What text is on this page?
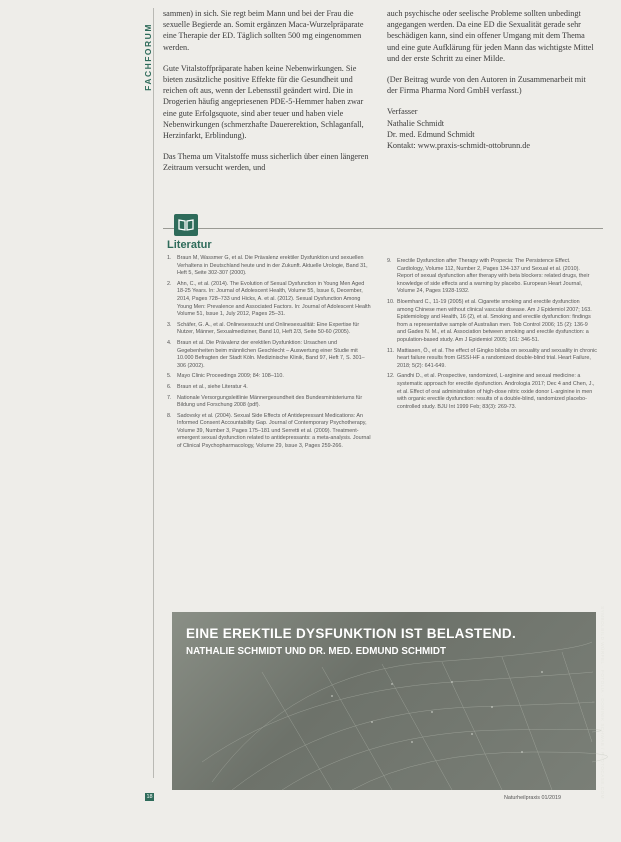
FACHFORUM

sammen) in sich. Sie regt beim Mann und bei der Frau die sexuelle Begierde an. Somit ergänzen Maca-Wurzelpräparate eine Therapie der ED. Täglich sollten 500 mg eingenommen werden.

Gute Vitalstoffpräparate haben keine Nebenwirkungen. Sie bieten zusätzliche positive Effekte für die Gesundheit und reichen oft aus, wenn der Lebensstil geändert wird. Die in Drogerien häufig angepriesenen PDE-5-Hemmer haben zwar eine gute Erfolgsquote, sind aber teuer und haben viele Nebenwirkungen (schmerzhafte Dauererektion, Schlaganfall, Herzinfarkt, Erblindung).

Das Thema um Vitalstoffe muss sicherlich über einen längeren Zeitraum versucht werden, und

auch psychische oder seelische Probleme sollten unbedingt angegangen werden. Da eine ED die Sexualität gerade sehr beschädigen kann, sind ein offener Umgang mit dem Thema und eine gute Aufklärung für jeden Mann das wichtigste Mittel und der erste Schritt zu einer Milde.

(Der Beitrag wurde von den Autoren in Zusammenarbeit mit der Firma Pharma Nord GmbH verfasst.)

Verfasser
Nathalie Schmidt
Dr. med. Edmund Schmidt
Kontakt: www.praxis-schmidt-ottobrunn.de
Literatur
1.	Braun M, Wassmer G, et al. Die Prävalenz erektiler Dysfunktion und sexuellen Verhaltens in Deutschland heute und in der Zukunft. Aktuelle Urologie, Band 31, Heft 5, Seite 302-307 (2000).
2.	Ahn, C., et al. (2014). The Evolution of Sexual Dysfunction in Young Men Aged 18-25 Years. In: Journal of Adolescent Health, Volume 55, Issue 6, December, 2014, Pages 728–733 und Hicks, A. et al. (2012). Sexual Dysfunction Among Young Men: Prevalence and Associated Factors. In: Journal of Adolescent Health Volume 51, Issue 1, July 2012, Pages 25–31.
3.	Schäfer, G. A., et al. Onlinesexsucht und Onlinesexualität: Eine Expertise für Nutzer, Männer, Sexualmediziner, Band 10, Heft 2/3, Seite 50-60 (2005).
4.	Braun et al. Die Prävalenz der erektilen Dysfunktion: Ursachen und Gegebenheiten beim männlichen Geschlecht – Auswertung einer Studie mit 10.000 Befragten der Stadt Köln. Medizinische Klinik, Band 97, Heft 7, S. 301–306 (2002).
5.	Mayo Clinic Proceedings 2009; 84: 108–110.
6.	Braun et al., siehe Literatur 4.
7.	Nationale Versorgungsleitlinie Männergesundheit des Bundesministeriums für Bildung und Forschung 2008 (pdf).
8.	Sadovsky et al. (2004). Sexual Side Effects of Antidepressant Medications: An Informed Consent Accountability Gap. Journal of Contemporary Psychotherapy, Volume 39, Number 3, Pages 175–181 und Serretti et al. (2009). Treatment-emergent sexual dysfunction related to antidepressants: a meta-analysis. Journal of Clinical Psychopharmacology, Volume 29, Issue 3, Pages 259-266.
9.	Erectile Dysfunction after Therapy with Propecia: The Persistence Effect. Cardiology, Volume 112, Number 2, Pages 134-137 und Sexual et al. (2010). Report of sexual dysfunction after therapy with beta blockers: related drugs, their knowledge of side effects and a warning by placebo. European Heart Journal, Volume 24, Pages 1928-1932.
10. Bloemhard C., 11-19 (2005) et al. Cigarette smoking and erectile dysfunction among Chinese men without clinical vascular disease. Am J Epidemiol 2007; 163. Epidemiology and Health, 16 (2), et al. Smoking and erectile dysfunction: findings from a representative sample of Australian men. Tob Control 2006; 15 (2): 136-9 and Gades N. M., et al. Association between smoking and erectile dysfunction: a population-based study. Am J Epidemiol 2005; 161: 346-51.
11. Mattiasen, Ö., et al. The effect of Gingko biloba on sexuality and sexuality in chronic heart failure results from GISSI-HF a randomized double-blind trial. Heart Failure, 2018; 5(2): 641-649.
12. Gandhi D., et al. Prospective, randomized, L-arginine and sexual medicine: a systematic approach for erectile dysfunction. Andrologia 2017; Dec 4 and Chen, J., et al. Effect of oral administration of high-dose nitric oxide donor L-arginine in men with organic erectile dysfunction: results of a double-blind, randomized placebo-controlled study. BJU Int 1999 Feb; 83(3): 269-73.
EINE EREKTILE DYSFUNKTION IST BELASTEND.
NATHALIE SCHMIDT UND DR. MED. EDMUND SCHMIDT	SYMBOLBILD WÜRFEL · FOTOLIA · DOMINIK SCHWAB / PHOTOCASE.COM
18	Naturheilpraxis 01/2019
